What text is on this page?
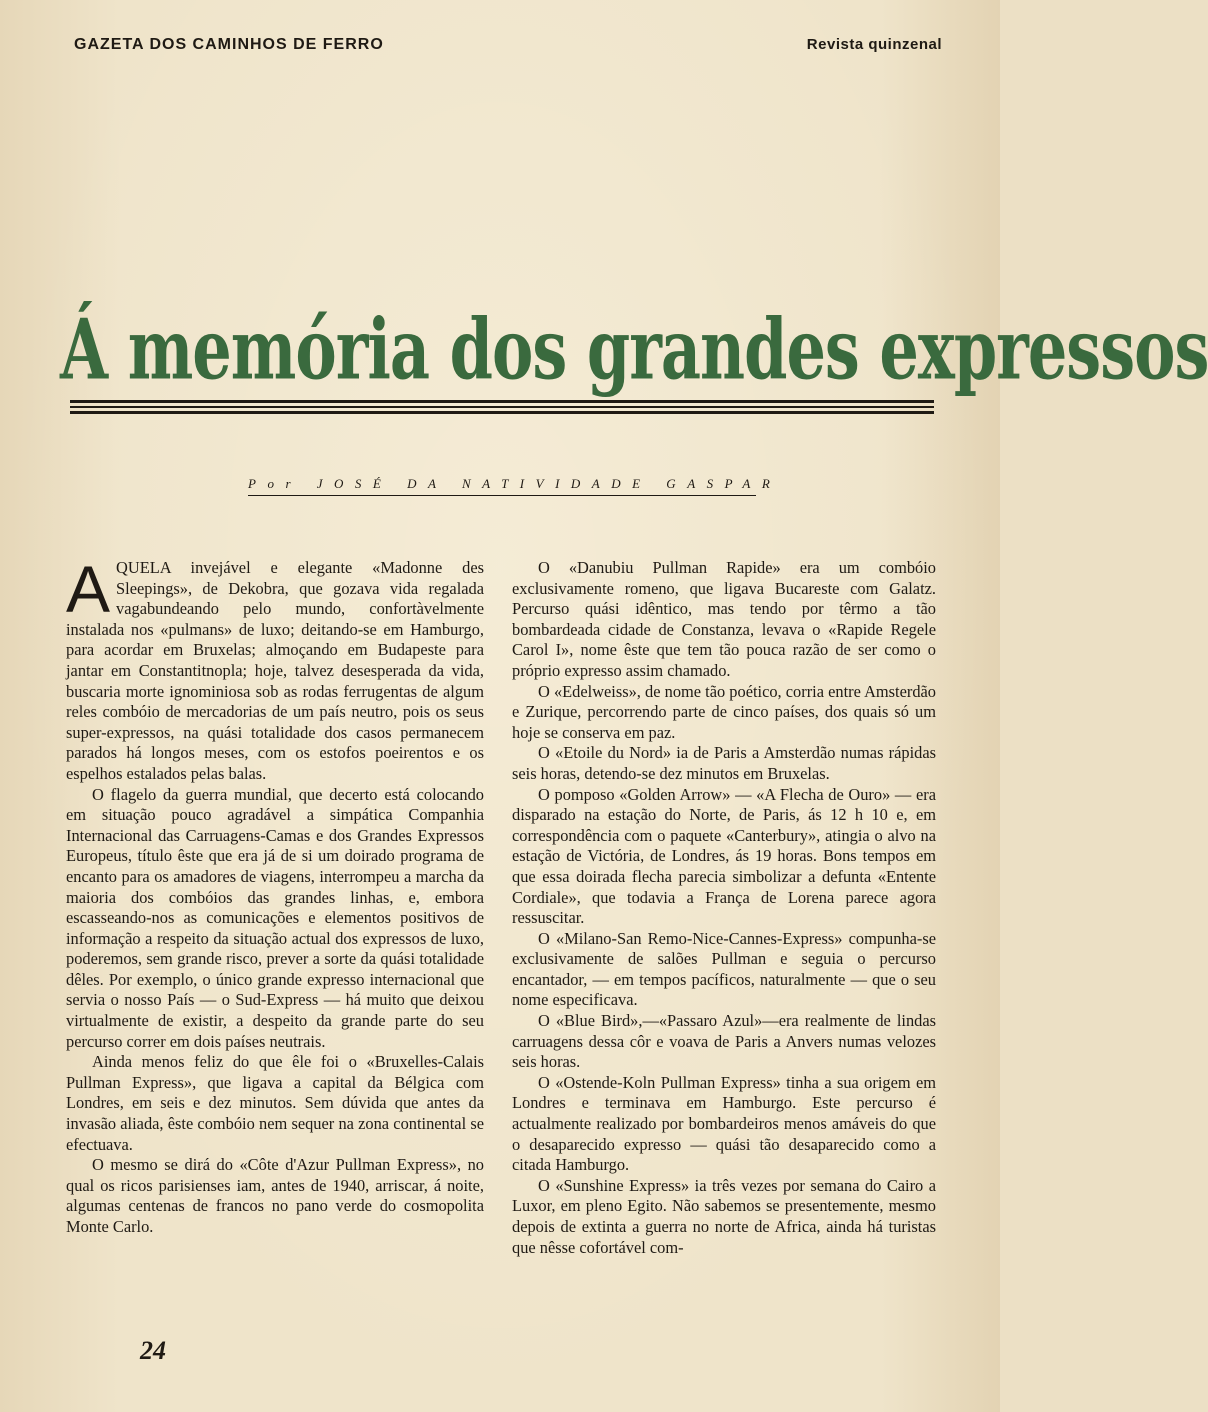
GAZETA DOS CAMINHOS DE FERRO	Revista quinzenal
Á memória dos grandes expressos
Por JOSÉ DA NATIVIDADE GASPAR

AQUELA invejável e elegante «Madonne des Sleepings», de Dekobra, que gozava vida regalada vagabundeando pelo mundo, confortàvelmente instalada nos «pulmans» de luxo; deitando-se em Hamburgo, para acordar em Bruxelas; almoçando em Budapeste para jantar em Constantitnopla; hoje, talvez desesperada da vida, buscaria morte ignominiosa sob as rodas ferrugentas de algum reles combóio de mercadorias de um país neutro, pois os seus super-expressos, na quási totalidade dos casos permanecem parados há longos meses, com os estofos poeirentos e os espelhos estalados pelas balas.

O flagelo da guerra mundial, que decerto está colocando em situação pouco agradável a simpática Companhia Internacional das Carruagens-Camas e dos Grandes Expressos Europeus, título êste que era já de si um doirado programa de encanto para os amadores de viagens, interrompeu a marcha da maioria dos combóios das grandes linhas, e, embora escasseando-nos as comunicações e elementos positivos de informação a respeito da situação actual dos expressos de luxo, poderemos, sem grande risco, prever a sorte da quási totalidade dêles. Por exemplo, o único grande expresso internacional que servia o nosso País — o Sud-Express — há muito que deixou virtualmente de existir, a despeito da grande parte do seu percurso correr em dois países neutrais.

Ainda menos feliz do que êle foi o «Bruxelles-Calais Pullman Express», que ligava a capital da Bélgica com Londres, em seis e dez minutos. Sem dúvida que antes da invasão aliada, êste combóio nem sequer na zona continental se efectuava.

O mesmo se dirá do «Côte d'Azur Pullman Express», no qual os ricos parisienses iam, antes de 1940, arriscar, á noite, algumas centenas de francos no pano verde do cosmopolita Monte Carlo.

O «Danubiu Pullman Rapide» era um combóio exclusivamente romeno, que ligava Bucareste com Galatz. Percurso quási idêntico, mas tendo por têrmo a tão bombardeada cidade de Constanza, levava o «Rapide Regele Carol I», nome êste que tem tão pouca razão de ser como o próprio expresso assim chamado.

O «Edelweiss», de nome tão poético, corria entre Amsterdão e Zurique, percorrendo parte de cinco países, dos quais só um hoje se conserva em paz.

O «Etoile du Nord» ia de Paris a Amsterdão numas rápidas seis horas, detendo-se dez minutos em Bruxelas.

O pomposo «Golden Arrow» — «A Flecha de Ouro» — era disparado na estação do Norte, de Paris, ás 12 h 10 e, em correspondência com o paquete «Canterbury», atingia o alvo na estação de Victória, de Londres, ás 19 horas. Bons tempos em que essa doirada flecha parecia simbolizar a defunta «Entente Cordiale», que todavia a França de Lorena parece agora ressuscitar.

O «Milano-San Remo-Nice-Cannes-Express» compunha-se exclusivamente de salões Pullman e seguia o percurso encantador, — em tempos pacíficos, naturalmente — que o seu nome especificava.

O «Blue Bird»,—«Passaro Azul»—era realmente de lindas carruagens dessa côr e voava de Paris a Anvers numas velozes seis horas.

O «Ostende-Koln Pullman Express» tinha a sua origem em Londres e terminava em Hamburgo. Este percurso é actualmente realizado por bombardeiros menos amáveis do que o desaparecido expresso — quási tão desaparecido como a citada Hamburgo.

O «Sunshine Express» ia três vezes por semana do Cairo a Luxor, em pleno Egito. Não sabemos se presentemente, mesmo depois de extinta a guerra no norte de Africa, ainda há turistas que nêsse cofortável com-

24
